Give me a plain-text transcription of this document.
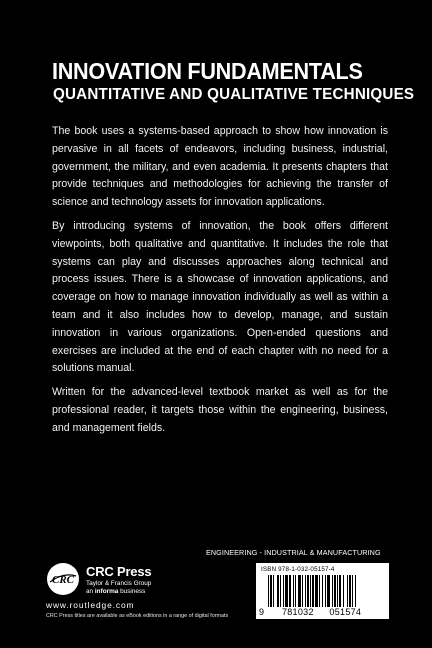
INNOVATION FUNDAMENTALS
QUANTITATIVE AND QUALITATIVE TECHNIQUES

The book uses a systems-based approach to show how innovation is pervasive in all facets of endeavors, including business, industrial, government, the military, and even academia. It presents chapters that provide techniques and methodologies for achieving the transfer of science and technology assets for innovation applications.

By introducing systems of innovation, the book offers different viewpoints, both qualitative and quantitative. It includes the role that systems can play and discusses approaches along technical and process issues. There is a showcase of innovation applications, and coverage on how to manage innovation individually as well as within a team and it also includes how to develop, manage, and sustain innovation in various organizations. Open-ended questions and exercises are included at the end of each chapter with no need for a solutions manual.

Written for the advanced-level textbook market as well as for the professional reader, it targets those within the engineering, business, and management fields.

ENGINEERING - INDUSTRIAL & MANUFACTURING
CRC
CRC Press
Taylor & Francis Group
an informa business
www.routledge.com
CRC Press titles are available as eBook editions in a range of digital formats
ISBN 978-1-032-05157-4
9 781032 051574
